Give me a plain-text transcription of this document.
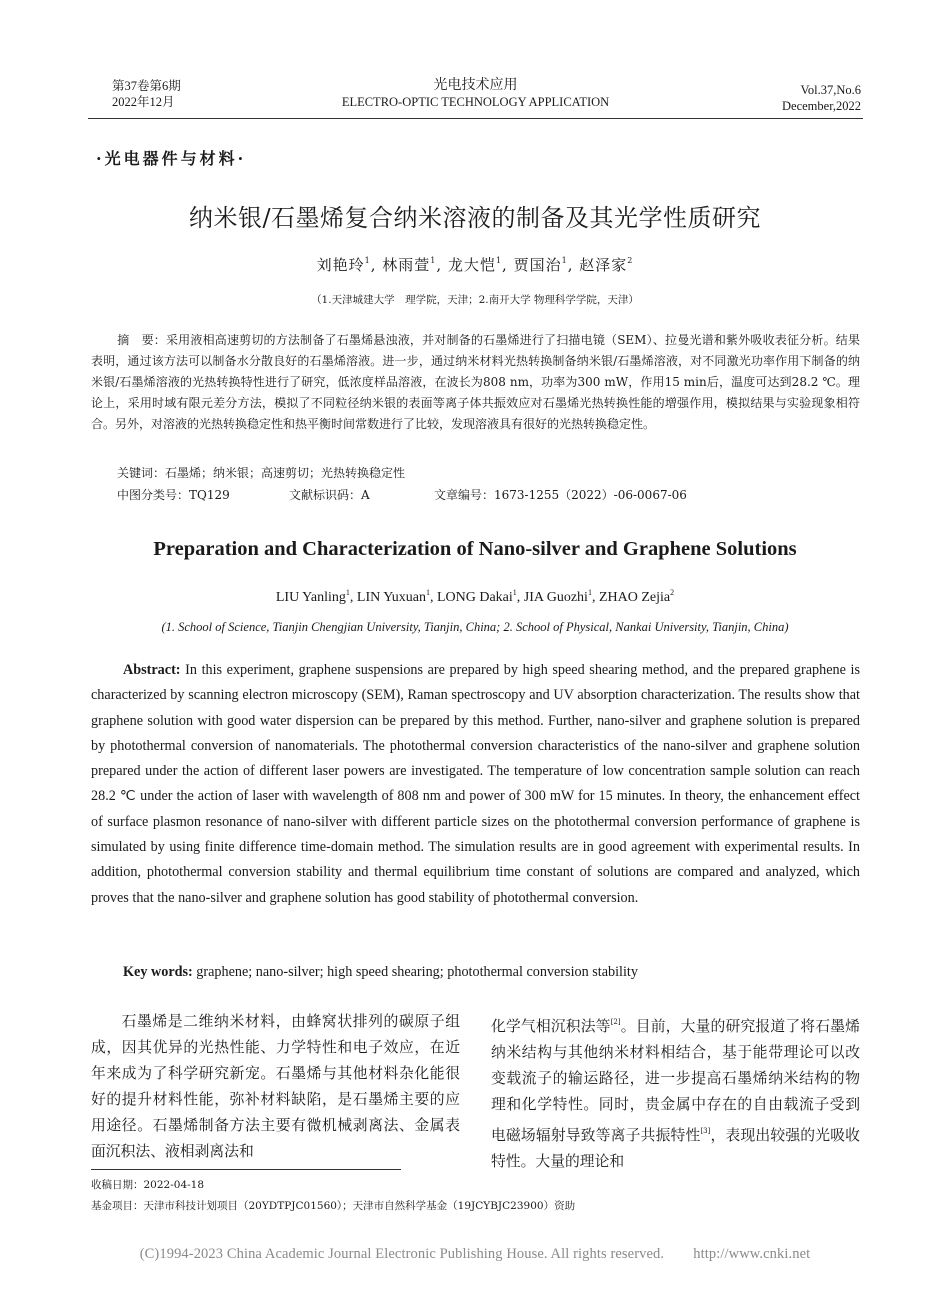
第37卷第6期
2022年12月
光电技术应用
ELECTRO-OPTIC TECHNOLOGY APPLICATION
Vol.37,No.6
December,2022
·光电器件与材料·
纳米银/石墨烯复合纳米溶液的制备及其光学性质研究
刘艳玲$^1$, 林雨萱$^1$, 龙大恺$^1$, 贾国治$^1$, 赵泽家$^2$
（1.天津城建大学　理学院，天津；2.南开大学 物理科学学院，天津）
摘　要：采用液相高速剪切的方法制备了石墨烯悬浊液，并对制备的石墨烯进行了扫描电镜（SEM）、拉曼光谱和紫外吸收表征分析。结果表明，通过该方法可以制备水分散良好的石墨烯溶液。进一步，通过纳米材料光热转换制备纳米银/石墨烯溶液，对不同激光功率作用下制备的纳米银/石墨烯溶液的光热转换特性进行了研究，低浓度样品溶液，在波长为808 nm，功率为300 mW，作用15 min后，温度可达到28.2 ℃。理论上，采用时域有限元差分方法，模拟了不同粒径纳米银的表面等离子体共振效应对石墨烯光热转换性能的增强作用，模拟结果与实验现象相符合。另外，对溶液的光热转换稳定性和热平衡时间常数进行了比较，发现溶液具有很好的光热转换稳定性。
关键词：石墨烯；纳米银；高速剪切；光热转换稳定性
中图分类号：TQ129	文献标识码：A	文章编号：1673-1255（2022）-06-0067-06
Preparation and Characterization of Nano-silver and Graphene Solutions
LIU Yanling$^1$, LIN Yuxuan$^1$, LONG Dakai$^1$, JIA Guozhi$^1$, ZHAO Zejia$^2$
(1. School of Science, Tianjin Chengjian University, Tianjin, China; 2. School of Physical, Nankai University, Tianjin, China)
Abstract: In this experiment, graphene suspensions are prepared by high speed shearing method, and the prepared graphene is characterized by scanning electron microscopy (SEM), Raman spectroscopy and UV absorption characterization. The results show that graphene solution with good water dispersion can be prepared by this method. Further, nano-silver and graphene solution is prepared by photothermal conversion of nanomaterials. The photothermal conversion characteristics of the nano-silver and graphene solution prepared under the action of different laser powers are investigated. The temperature of low concentration sample solution can reach 28.2 ℃ under the action of laser with wavelength of 808 nm and power of 300 mW for 15 minutes. In theory, the enhancement effect of surface plasmon resonance of nano-silver with different particle sizes on the photothermal conversion performance of graphene is simulated by using finite difference time-domain method. The simulation results are in good agreement with experimental results. In addition, photothermal conversion stability and thermal equilibrium time constant of solutions are compared and analyzed, which proves that the nano-silver and graphene solution has good stability of photothermal conversion.
Key words: graphene; nano-silver; high speed shearing; photothermal conversion stability
石墨烯是二维纳米材料，由蜂窝状排列的碳原子组成，因其优异的光热性能、力学特性和电子效应，在近年来成为了科学研究新宠。石墨烯与其他材料杂化能很好的提升材料性能，弥补材料缺陷，是石墨烯主要的应用途径。石墨烯制备方法主要有微机械剥离法、金属表面沉积法、液相剥离法和
化学气相沉积法等[2]。目前，大量的研究报道了将石墨烯纳米结构与其他纳米材料相结合，基于能带理论可以改变载流子的输运路径，进一步提高石墨烯纳米结构的物理和化学特性。同时，贵金属中存在的自由载流子受到电磁场辐射导致等离子共振特性[3]，表现出较强的光吸收特性。大量的理论和
收稿日期：2022-04-18
基金项目：天津市科技计划项目（20YDTPJC01560）；天津市自然科学基金（19JCYBJC23900）资助
(C)1994-2023 China Academic Journal Electronic Publishing House. All rights reserved.　　http://www.cnki.net
